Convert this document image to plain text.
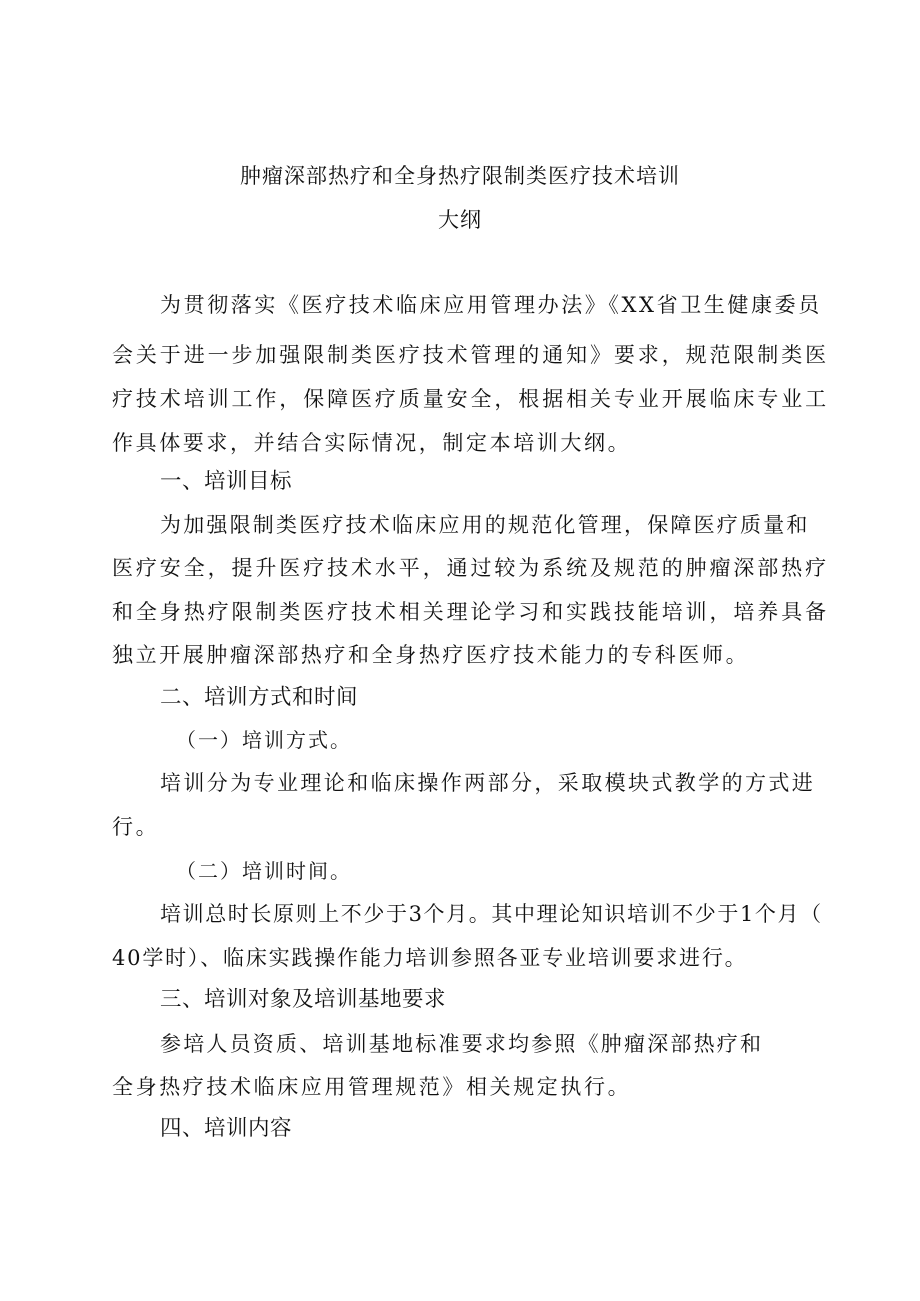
肿瘤深部热疗和全身热疗限制类医疗技术培训
大纲
为贯彻落实《医疗技术临床应用管理办法》《XX省卫生健康委员
会关于进一步加强限制类医疗技术管理的通知》要求，规范限制类医
疗技术培训工作，保障医疗质量安全，根据相关专业开展临床专业工
作具体要求，并结合实际情况，制定本培训大纲。
一、培训目标
为加强限制类医疗技术临床应用的规范化管理，保障医疗质量和
医疗安全，提升医疗技术水平，通过较为系统及规范的肿瘤深部热疗
和全身热疗限制类医疗技术相关理论学习和实践技能培训，培养具备
独立开展肿瘤深部热疗和全身热疗医疗技术能力的专科医师。
二、培训方式和时间
（一）培训方式。
培训分为专业理论和临床操作两部分，采取模块式教学的方式进
行。
（二）培训时间。
培训总时长原则上不少于3个月。其中理论知识培训不少于1个月（
40学时）、临床实践操作能力培训参照各亚专业培训要求进行。
三、培训对象及培训基地要求
参培人员资质、培训基地标准要求均参照《肿瘤深部热疗和
全身热疗技术临床应用管理规范》相关规定执行。
四、培训内容
